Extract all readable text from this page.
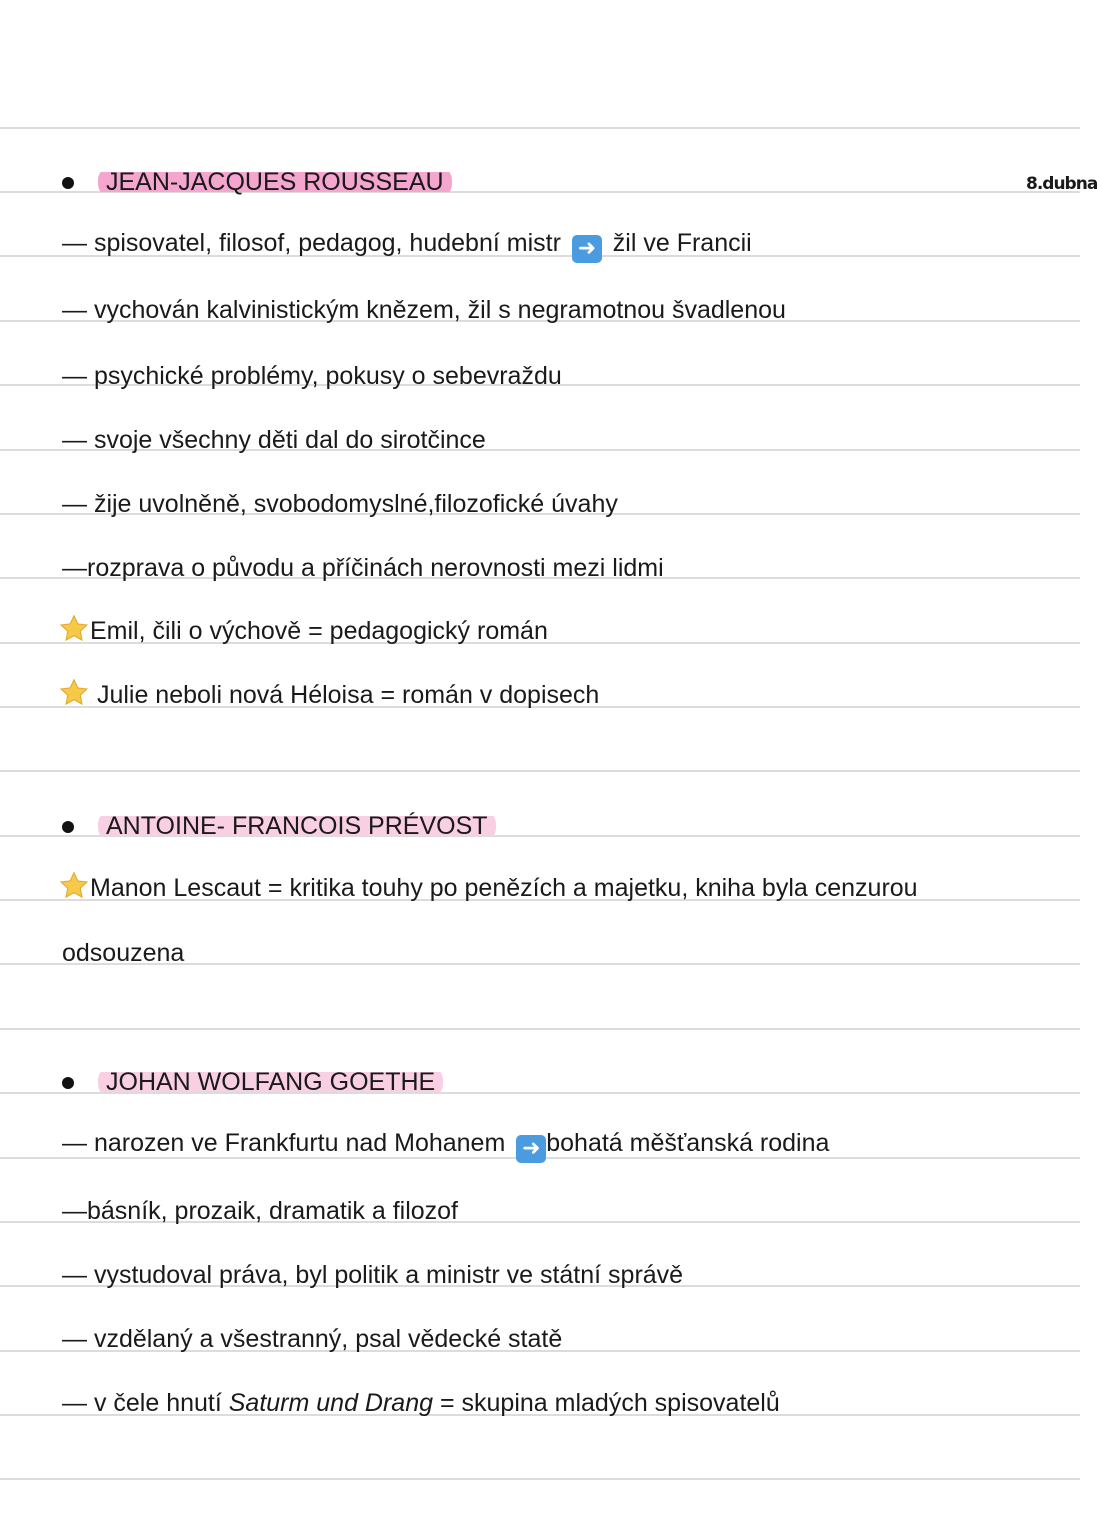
8.dubna
JEAN-JACQUES ROUSSEAU
— spisovatel, filosof, pedagog, hudební mistr ➜ žil ve Francii
— vychován kalvinistickým knězem, žil s negramotnou švadlenou
— psychické problémy, pokusy o sebevraždu
— svoje všechny děti dal do sirotčince
— žije uvolněně, svobodomyslné,filozofické úvahy
—rozprava o původu a příčinách nerovnosti mezi lidmi
Emil, čili o výchově = pedagogický román
Julie neboli nová Héloisa = román v dopisech
ANTOINE- FRANCOIS PRÉVOST
Manon Lescaut = kritika touhy po penězích a majetku, kniha byla cenzurou
odsouzena
JOHAN WOLFANG GOETHE
— narozen ve Frankfurtu nad Mohanem ➜ bohatá měšťanská rodina
—básník, prozaik, dramatik a filozof
— vystudoval práva, byl politik a ministr ve státní správě
— vzdělaný a všestranný, psal vědecké statě
— v čele hnutí Saturm und Drang = skupina mladých spisovatelů
